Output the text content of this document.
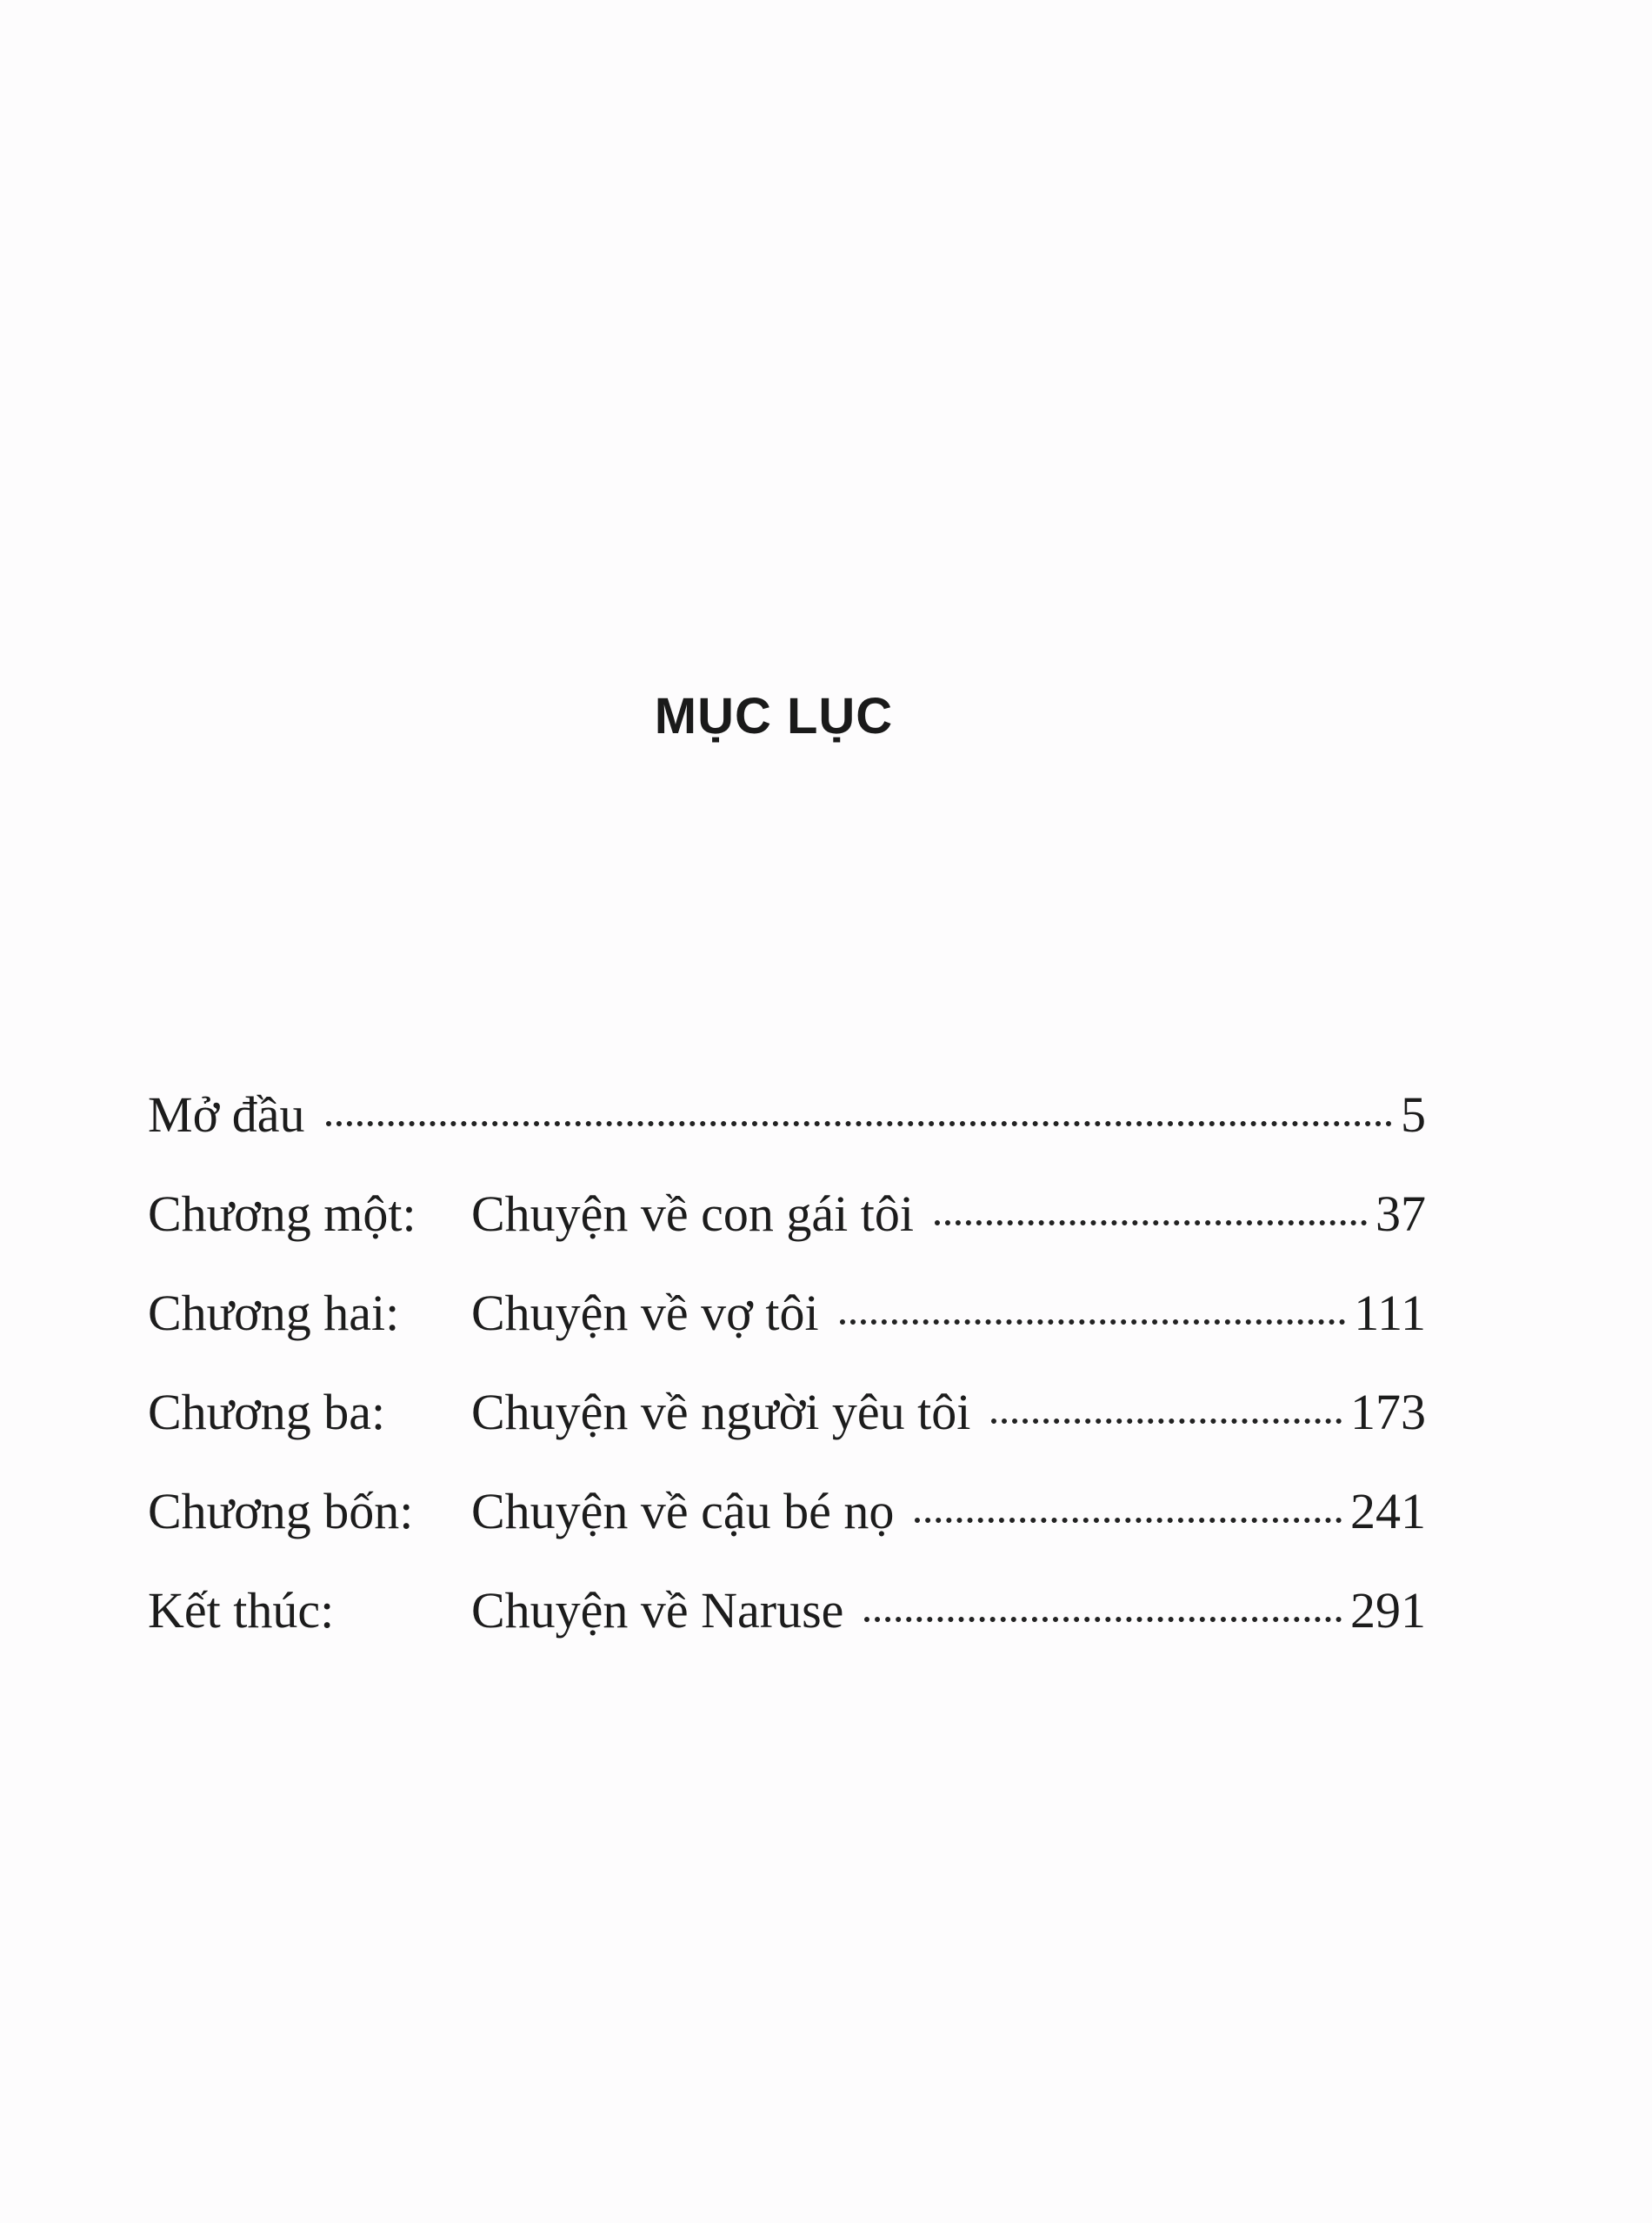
MỤC LỤC
Mở đầu	5
Chương một:	Chuyện về con gái tôi	37
Chương hai:	Chuyện về vợ tôi	111
Chương ba:	Chuyện về người yêu tôi	173
Chương bốn:	Chuyện về cậu bé nọ	241
Kết thúc:	Chuyện về Naruse	291
